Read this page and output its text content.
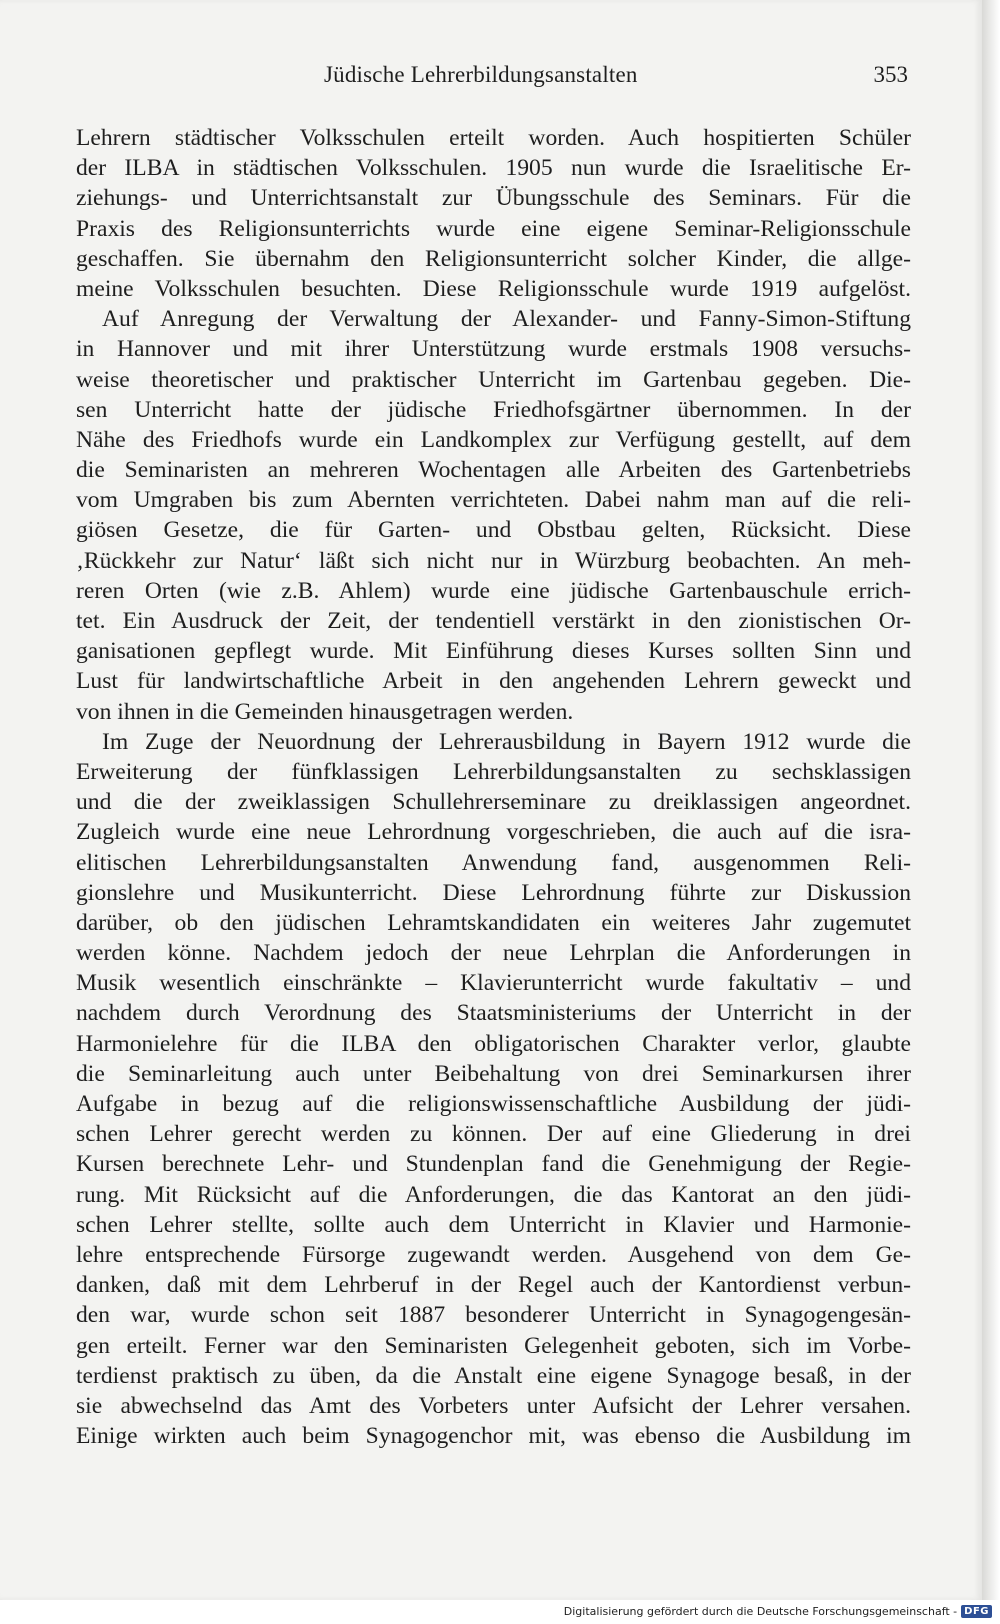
Jüdische Lehrerbildungsanstalten	353
Lehrern städtischer Volksschulen erteilt worden. Auch hospitierten Schüler
der ILBA in städtischen Volksschulen. 1905 nun wurde die Israelitische Er-
ziehungs- und Unterrichtsanstalt zur Übungsschule des Seminars. Für die
Praxis des Religionsunterrichts wurde eine eigene Seminar-Religionsschule
geschaffen. Sie übernahm den Religionsunterricht solcher Kinder, die allge-
meine Volksschulen besuchten. Diese Religionsschule wurde 1919 aufgelöst.
Auf Anregung der Verwaltung der Alexander- und Fanny-Simon-Stiftung
in Hannover und mit ihrer Unterstützung wurde erstmals 1908 versuchs-
weise theoretischer und praktischer Unterricht im Gartenbau gegeben. Die-
sen Unterricht hatte der jüdische Friedhofsgärtner übernommen. In der
Nähe des Friedhofs wurde ein Landkomplex zur Verfügung gestellt, auf dem
die Seminaristen an mehreren Wochentagen alle Arbeiten des Gartenbetriebs
vom Umgraben bis zum Abernten verrichteten. Dabei nahm man auf die reli-
giösen Gesetze, die für Garten- und Obstbau gelten, Rücksicht. Diese
‚Rückkehr zur Natur‘ läßt sich nicht nur in Würzburg beobachten. An meh-
reren Orten (wie z.B. Ahlem) wurde eine jüdische Gartenbauschule errich-
tet. Ein Ausdruck der Zeit, der tendentiell verstärkt in den zionistischen Or-
ganisationen gepflegt wurde. Mit Einführung dieses Kurses sollten Sinn und
Lust für landwirtschaftliche Arbeit in den angehenden Lehrern geweckt und
von ihnen in die Gemeinden hinausgetragen werden.
Im Zuge der Neuordnung der Lehrerausbildung in Bayern 1912 wurde die
Erweiterung der fünfklassigen Lehrerbildungsanstalten zu sechsklassigen
und die der zweiklassigen Schullehrerseminare zu dreiklassigen angeordnet.
Zugleich wurde eine neue Lehrordnung vorgeschrieben, die auch auf die isra-
elitischen Lehrerbildungsanstalten Anwendung fand, ausgenommen Reli-
gionslehre und Musikunterricht. Diese Lehrordnung führte zur Diskussion
darüber, ob den jüdischen Lehramtskandidaten ein weiteres Jahr zugemutet
werden könne. Nachdem jedoch der neue Lehrplan die Anforderungen in
Musik wesentlich einschränkte – Klavierunterricht wurde fakultativ – und
nachdem durch Verordnung des Staatsministeriums der Unterricht in der
Harmonielehre für die ILBA den obligatorischen Charakter verlor, glaubte
die Seminarleitung auch unter Beibehaltung von drei Seminarkursen ihrer
Aufgabe in bezug auf die religionswissenschaftliche Ausbildung der jüdi-
schen Lehrer gerecht werden zu können. Der auf eine Gliederung in drei
Kursen berechnete Lehr- und Stundenplan fand die Genehmigung der Regie-
rung. Mit Rücksicht auf die Anforderungen, die das Kantorat an den jüdi-
schen Lehrer stellte, sollte auch dem Unterricht in Klavier und Harmonie-
lehre entsprechende Fürsorge zugewandt werden. Ausgehend von dem Ge-
danken, daß mit dem Lehrberuf in der Regel auch der Kantordienst verbun-
den war, wurde schon seit 1887 besonderer Unterricht in Synagogengesän-
gen erteilt. Ferner war den Seminaristen Gelegenheit geboten, sich im Vorbe-
terdienst praktisch zu üben, da die Anstalt eine eigene Synagoge besaß, in der
sie abwechselnd das Amt des Vorbeters unter Aufsicht der Lehrer versahen.
Einige wirkten auch beim Synagogenchor mit, was ebenso die Ausbildung im
Digitalisierung gefördert durch die Deutsche Forschungsgemeinschaft - DFG
